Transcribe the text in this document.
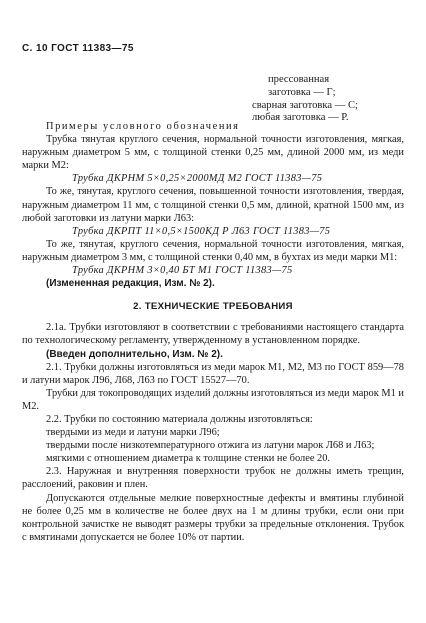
С. 10 ГОСТ 11383—75
прессованная
заготовка — Г;
сварная заготовка — С;
любая заготовка — Р.

Примеры условного обозначения

Трубка тянутая круглого сечения, нормальной точности изготовления, мягкая, наружным диаметром 5 мм, с толщиной стенки 0,25 мм, длиной 2000 мм, из меди марки М2:

Трубка ДКРНМ 5×0,25×2000МД М2 ГОСТ 11383—75

То же, тянутая, круглого сечения, повышенной точности изготовления, твердая, наружным диаметром 11 мм, с толщиной стенки 0,5 мм, длиной, кратной 1500 мм, из любой заготовки из латуни марки Л63:

Трубка ДКРПТ 11×0,5×1500КД Р Л63 ГОСТ 11383—75

То же, тянутая, круглого сечения, нормальной точности изготовления, мягкая, наружным диаметром 3 мм, с толщиной стенки 0,40 мм, в бухтах из меди марки М1:

Трубка ДКРНМ 3×0,40 БТ М1 ГОСТ 11383—75

(Измененная редакция, Изм. № 2).

2. ТЕХНИЧЕСКИЕ ТРЕБОВАНИЯ

2.1а. Трубки изготовляют в соответствии с требованиями настоящего стандарта по технологическому регламенту, утвержденному в установленном порядке.

(Введен дополнительно, Изм. № 2).

2.1. Трубки должны изготовляться из меди марок М1, М2, М3 по ГОСТ 859—78 и латуни марок Л96, Л68, Л63 по ГОСТ 15527—70.

Трубки для токопроводящих изделий должны изготовляться из меди марок М1 и М2.

2.2. Трубки по состоянию материала должны изготовляться:

твердыми из меди и латуни марки Л96;

твердыми после низкотемпературного отжига из латуни марок Л68 и Л63;

мягкими с отношением диаметра к толщине стенки не более 20.

2.3. Наружная и внутренняя поверхности трубок не должны иметь трещин, расслоений, раковин и плен.

Допускаются отдельные мелкие поверхностные дефекты и вмятины глубиной не более 0,25 мм в количестве не более двух на 1 м длины трубки, если они при контрольной зачистке не выводят размеры трубки за предельные отклонения. Трубок с вмятинами допускается не более 10% от партии.
